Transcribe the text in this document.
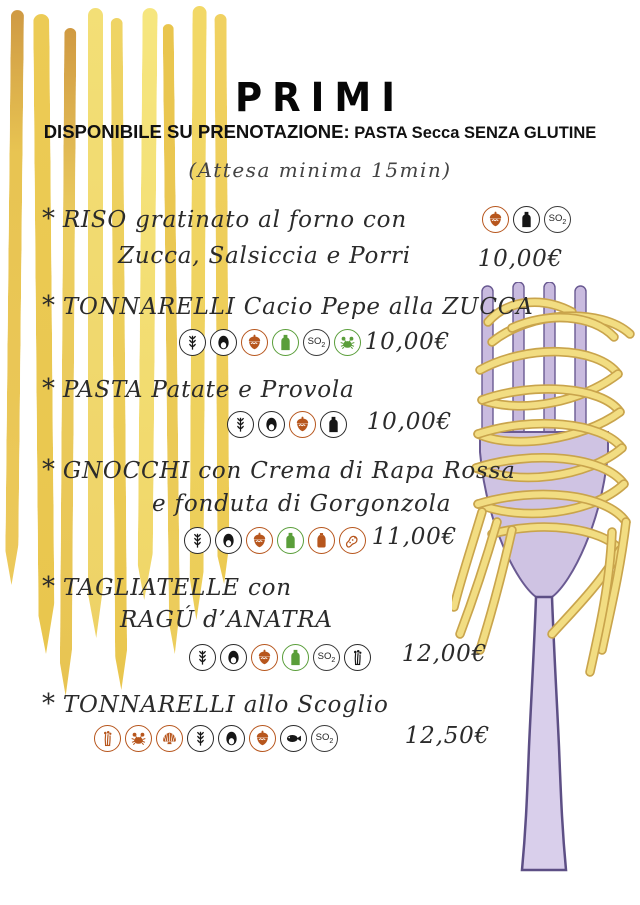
PRIMI
DISPONIBILE SU PRENOTAZIONE: PASTA Secca SENZA GLUTINE
(Attesa minima 15min)
* RISO gratinato al forno con
Zucca, Salsiccia e Porri
$SO_2$
10,00€
* TONNARELLI Cacio Pepe alla ZUCCA
$SO_2$	10,00€
* PASTA Patate e Provola
10,00€
* GNOCCHI con Crema di Rapa Rossa
e fonduta di Gorgonzola
11,00€
* TAGLIATELLE con
RAGÚ d’ANATRA
$SO_2$	12,00€
* TONNARELLI allo Scoglio
$SO_2$	12,50€
